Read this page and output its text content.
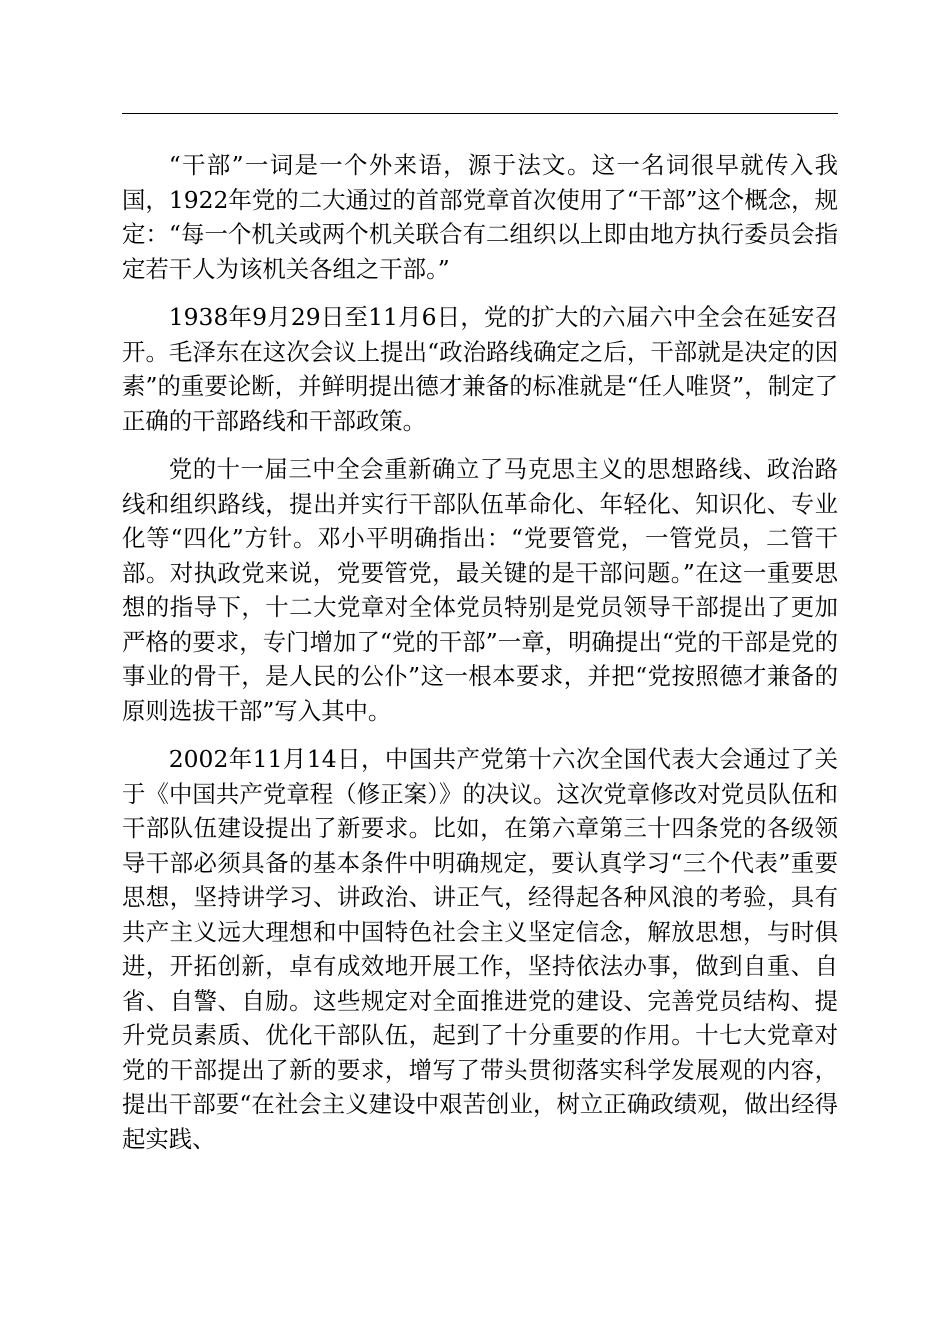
“干部”一词是一个外来语，源于法文。这一名词很早就传入我国，1922年党的二大通过的首部党章首次使用了“干部”这个概念，规定：“每一个机关或两个机关联合有二组织以上即由地方执行委员会指定若干人为该机关各组之干部。”

1938年9月29日至11月6日，党的扩大的六届六中全会在延安召开。毛泽东在这次会议上提出“政治路线确定之后，干部就是决定的因素”的重要论断，并鲜明提出德才兼备的标准就是“任人唯贤”，制定了正确的干部路线和干部政策。

党的十一届三中全会重新确立了马克思主义的思想路线、政治路线和组织路线，提出并实行干部队伍革命化、年轻化、知识化、专业化等“四化”方针。邓小平明确指出：“党要管党，一管党员，二管干部。对执政党来说，党要管党，最关键的是干部问题。”在这一重要思想的指导下，十二大党章对全体党员特别是党员领导干部提出了更加严格的要求，专门增加了“党的干部”一章，明确提出“党的干部是党的事业的骨干，是人民的公仆”这一根本要求，并把“党按照德才兼备的原则选拔干部”写入其中。

2002年11月14日，中国共产党第十六次全国代表大会通过了关于《中国共产党章程（修正案）》的决议。这次党章修改对党员队伍和干部队伍建设提出了新要求。比如，在第六章第三十四条党的各级领导干部必须具备的基本条件中明确规定，要认真学习“三个代表”重要思想，坚持讲学习、讲政治、讲正气，经得起各种风浪的考验，具有共产主义远大理想和中国特色社会主义坚定信念，解放思想，与时俱进，开拓创新，卓有成效地开展工作，坚持依法办事，做到自重、自省、自警、自励。这些规定对全面推进党的建设、完善党员结构、提升党员素质、优化干部队伍，起到了十分重要的作用。十七大党章对党的干部提出了新的要求，增写了带头贯彻落实科学发展观的内容，提出干部要“在社会主义建设中艰苦创业，树立正确政绩观，做出经得起实践、
